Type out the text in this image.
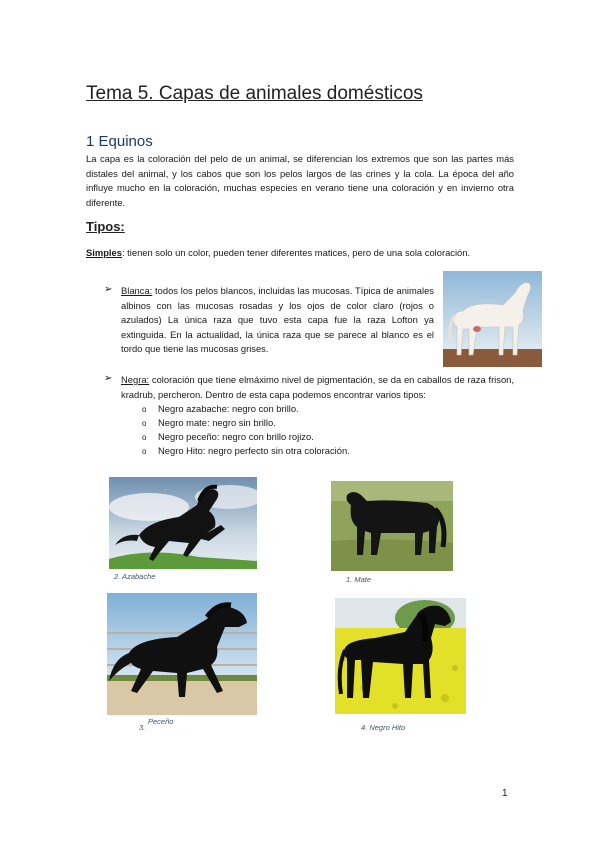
Tema 5. Capas de animales domésticos
1 Equinos
La capa es la coloración del pelo de un animal, se diferencian los extremos que son las partes más distales del animal, y los cabos que son los pelos largos de las crines y la cola. La época del año influye mucho en la coloración, muchas especies en verano tiene una coloración y en invierno otra diferente.
Tipos:
Simples: tienen solo un color, pueden tener diferentes matices, pero de una sola coloración.
➢ Blanca: todos los pelos blancos, incluidas las mucosas. Típica de animales albinos con las mucosas rosadas y los ojos de color claro (rojos o azulados) La única raza que tuvo esta capa fue la raza Lofton ya extinguida. En la actualidad, la única raza que se parece al blanco es el tordo que tiene las mucosas grises.
➢ Negra: coloración que tiene elmáximo nivel de pigmentación, se da en caballos de raza frison, kradrub, percheron. Dentro de esta capa podemos encontrar varios tipos:
o Negro azabache: negro con brillo.
o Negro mate: negro sin brillo.
o Negro peceño: negro con brillo rojizo.
o Negro Hito: negro perfecto sin otra coloración.
2. Azabache	1. Mate
Peceño
3.	4. Negro Hito
1
